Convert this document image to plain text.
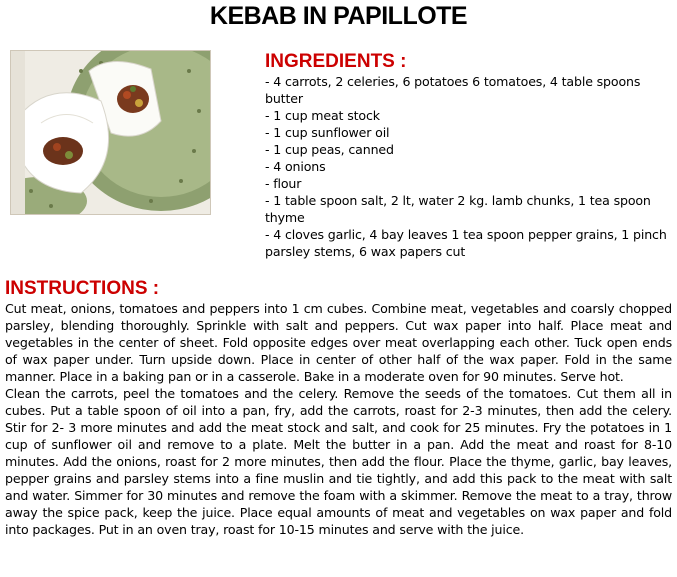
KEBAB IN PAPILLOTE
INGREDIENTS :
- 4 carrots, 2 celeries, 6 potatoes 6 tomatoes, 4 table spoons butter
- 1 cup meat stock
- 1 cup sunflower oil
- 1 cup peas, canned
- 4 onions
- flour
- 1 table spoon salt, 2 lt, water 2 kg. lamb chunks, 1 tea spoon thyme
- 4 cloves garlic, 4 bay leaves 1 tea spoon pepper grains, 1 pinch parsley stems, 6 wax papers cut
INSTRUCTIONS :

Cut meat, onions, tomatoes and peppers into 1 cm cubes. Combine meat, vegetables and coarsly chopped parsley, blending thoroughly. Sprinkle with salt and peppers. Cut wax paper into half. Place meat and vegetables in the center of sheet. Fold opposite edges over meat overlapping each other. Tuck open ends of wax paper under. Turn upside down. Place in center of other half of the wax paper. Fold in the same manner. Place in a baking pan or in a casserole. Bake in a moderate oven for 90 minutes. Serve hot.

Clean the carrots, peel the tomatoes and the celery. Remove the seeds of the tomatoes. Cut them all in cubes. Put a table spoon of oil into a pan, fry, add the carrots, roast for 2-3 minutes, then add the celery. Stir for 2- 3 more minutes and add the meat stock and salt, and cook for 25 minutes. Fry the potatoes in 1 cup of sunflower oil and remove to a plate. Melt the butter in a pan. Add the meat and roast for 8-10 minutes. Add the onions, roast for 2 more minutes, then add the flour. Place the thyme, garlic, bay leaves, pepper grains and parsley stems into a fine muslin and tie tightly, and add this pack to the meat with salt and water. Simmer for 30 minutes and remove the foam with a skimmer. Remove the meat to a tray, throw away the spice pack, keep the juice. Place equal amounts of meat and vegetables on wax paper and fold into packages. Put in an oven tray, roast for 10-15 minutes and serve with the juice.
